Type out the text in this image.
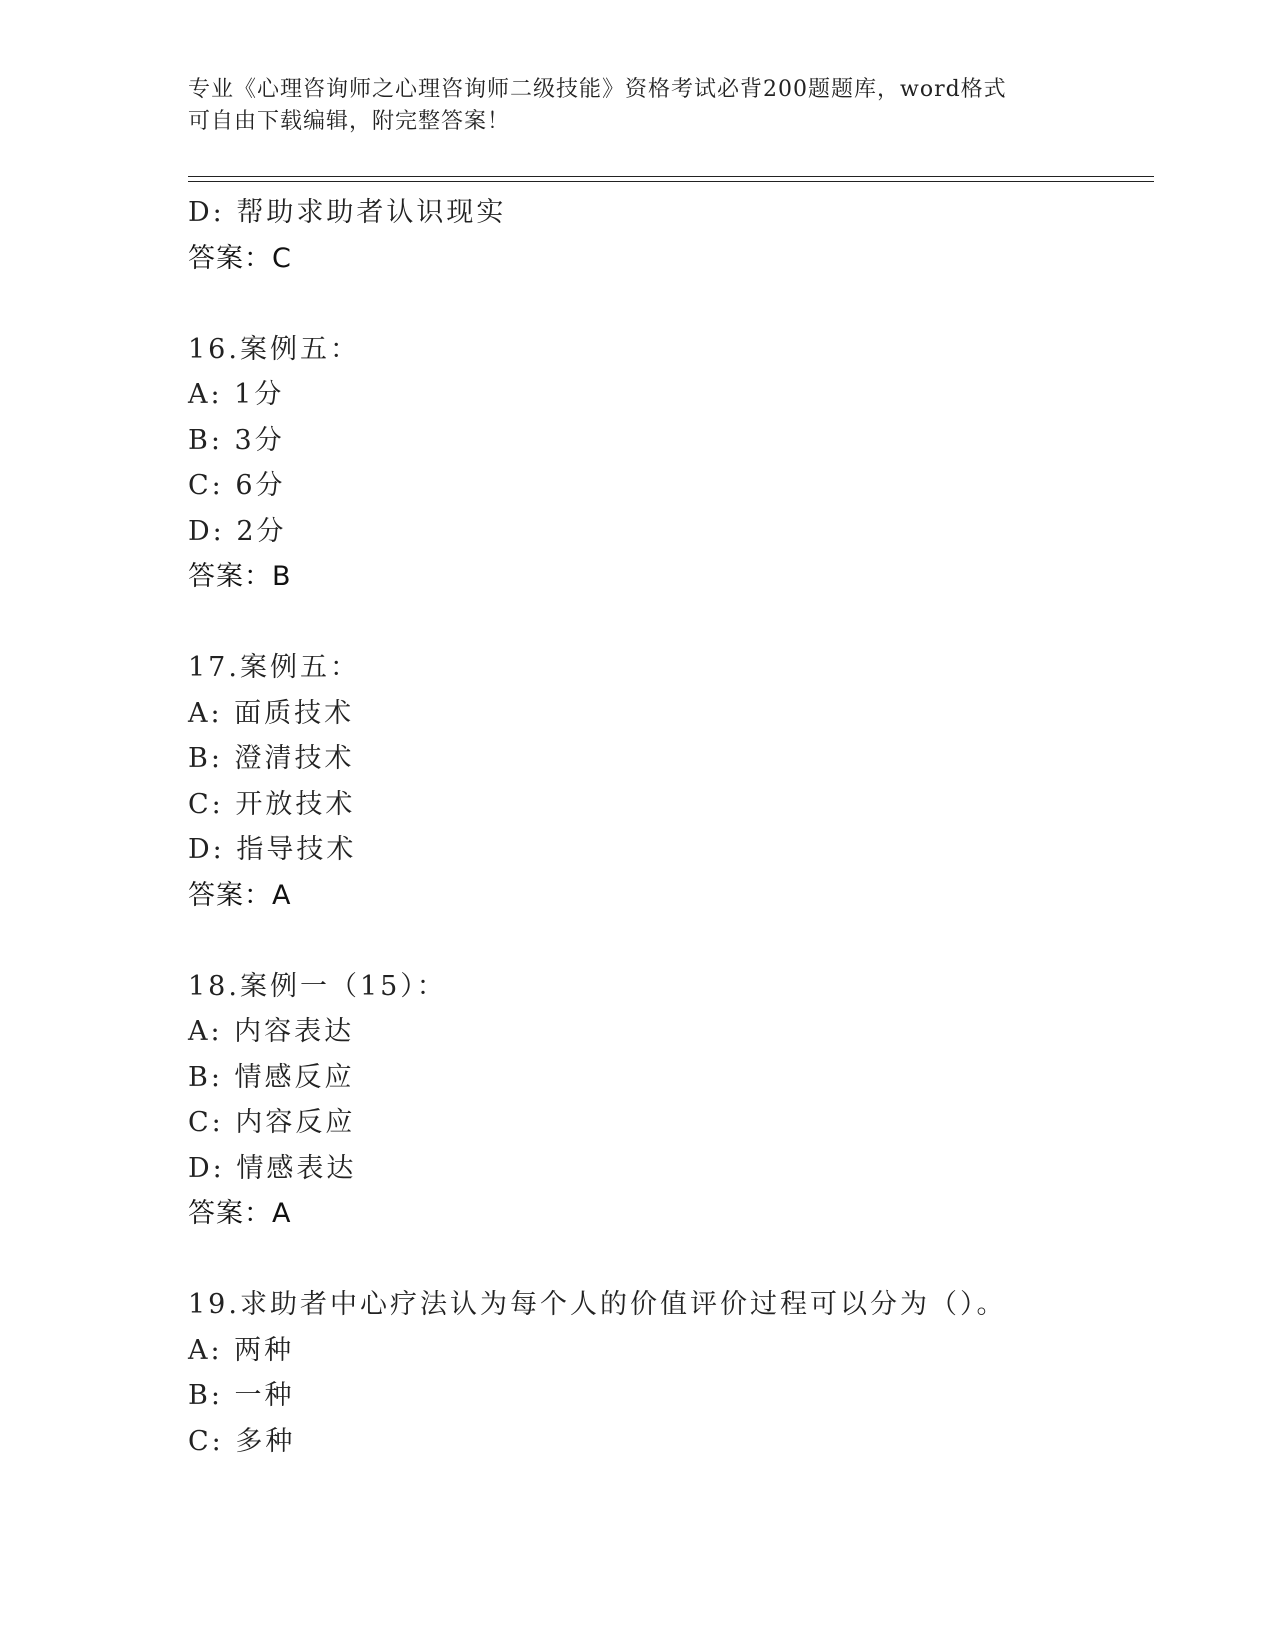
专业《心理咨询师之心理咨询师二级技能》资格考试必背200题题库，word格式
可自由下载编辑，附完整答案！
D: 帮助求助者认识现实
答案：C
16.案例五：
A: 1分
B: 3分
C: 6分
D: 2分
答案：B
17.案例五：
A: 面质技术
B: 澄清技术
C: 开放技术
D: 指导技术
答案：A
18.案例一（15）：
A: 内容表达
B: 情感反应
C: 内容反应
D: 情感表达
答案：A
19.求助者中心疗法认为每个人的价值评价过程可以分为（）。
A: 两种
B: 一种
C: 多种
